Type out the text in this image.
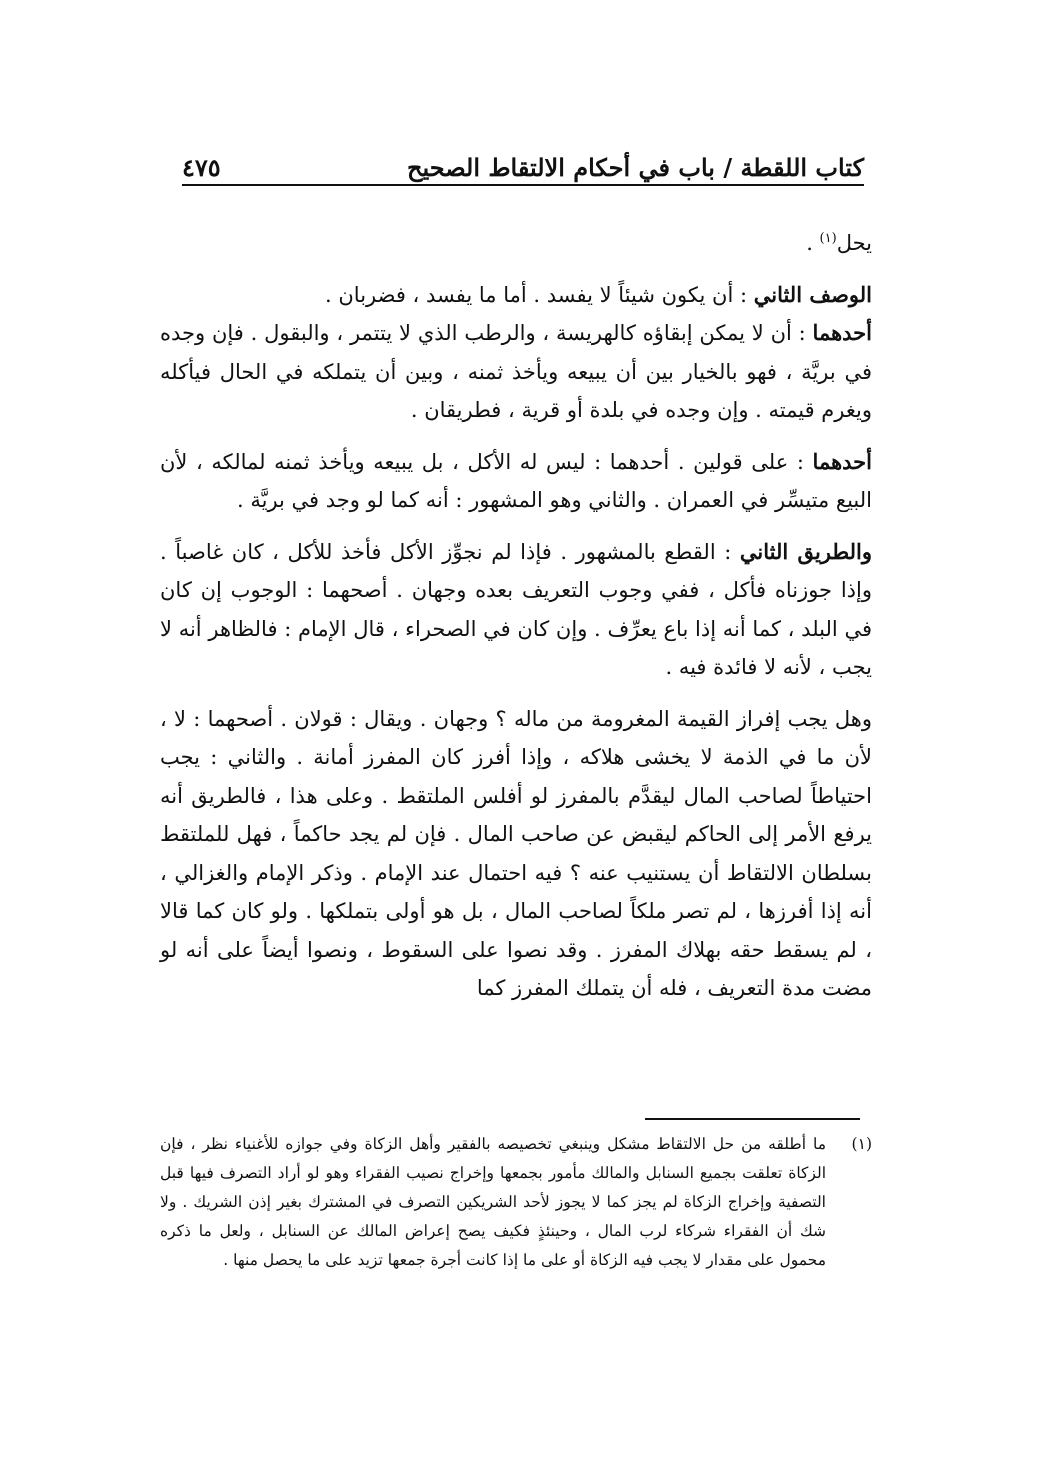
كتاب اللقطة / باب في أحكام الالتقاط الصحيح
٤٧٥

يحل$^{(١)}$ .

الوصف الثاني : أن يكون شيئاً لا يفسد . أما ما يفسد ، فضربان .

أحدهما : أن لا يمكن إبقاؤه كالهريسة ، والرطب الذي لا يتتمر ، والبقول . فإن وجده في بريَّة ، فهو بالخيار بين أن يبيعه ويأخذ ثمنه ، وبين أن يتملكه في الحال فيأكله ويغرم قيمته . وإن وجده في بلدة أو قرية ، فطريقان .

أحدهما : على قولين . أحدهما : ليس له الأكل ، بل يبيعه ويأخذ ثمنه لمالكه ، لأن البيع متيسِّر في العمران . والثاني وهو المشهور : أنه كما لو وجد في بريَّة .

والطريق الثاني : القطع بالمشهور . فإذا لم نجوِّز الأكل فأخذ للأكل ، كان غاصباً . وإذا جوزناه فأكل ، ففي وجوب التعريف بعده وجهان . أصحهما : الوجوب إن كان في البلد ، كما أنه إذا باع يعرِّف . وإن كان في الصحراء ، قال الإمام : فالظاهر أنه لا يجب ، لأنه لا فائدة فيه .

وهل يجب إفراز القيمة المغرومة من ماله ؟ وجهان . ويقال : قولان . أصحهما : لا ، لأن ما في الذمة لا يخشى هلاكه ، وإذا أفرز كان المفرز أمانة . والثاني : يجب احتياطاً لصاحب المال ليقدَّم بالمفرز لو أفلس الملتقط . وعلى هذا ، فالطريق أنه يرفع الأمر إلى الحاكم ليقبض عن صاحب المال . فإن لم يجد حاكماً ، فهل للملتقط بسلطان الالتقاط أن يستنيب عنه ؟ فيه احتمال عند الإمام . وذكر الإمام والغزالي ، أنه إذا أفرزها ، لم تصر ملكاً لصاحب المال ، بل هو أولى بتملكها . ولو كان كما قالا ، لم يسقط حقه بهلاك المفرز . وقد نصوا على السقوط ، ونصوا أيضاً على أنه لو مضت مدة التعريف ، فله أن يتملك المفرز كما

(١)
ما أطلقه من حل الالتقاط مشكل وينبغي تخصيصه بالفقير وأهل الزكاة وفي جوازه للأغنياء نظر ، فإن الزكاة تعلقت بجميع السنابل والمالك مأمور بجمعها وإخراج نصيب الفقراء وهو لو أراد التصرف فيها قبل التصفية وإخراج الزكاة لم يجز كما لا يجوز لأحد الشريكين التصرف في المشترك بغير إذن الشريك . ولا شك أن الفقراء شركاء لرب المال ، وحينئذٍ فكيف يصح إعراض المالك عن السنابل ، ولعل ما ذكره محمول على مقدار لا يجب فيه الزكاة أو على ما إذا كانت أجرة جمعها تزيد على ما يحصل منها .
